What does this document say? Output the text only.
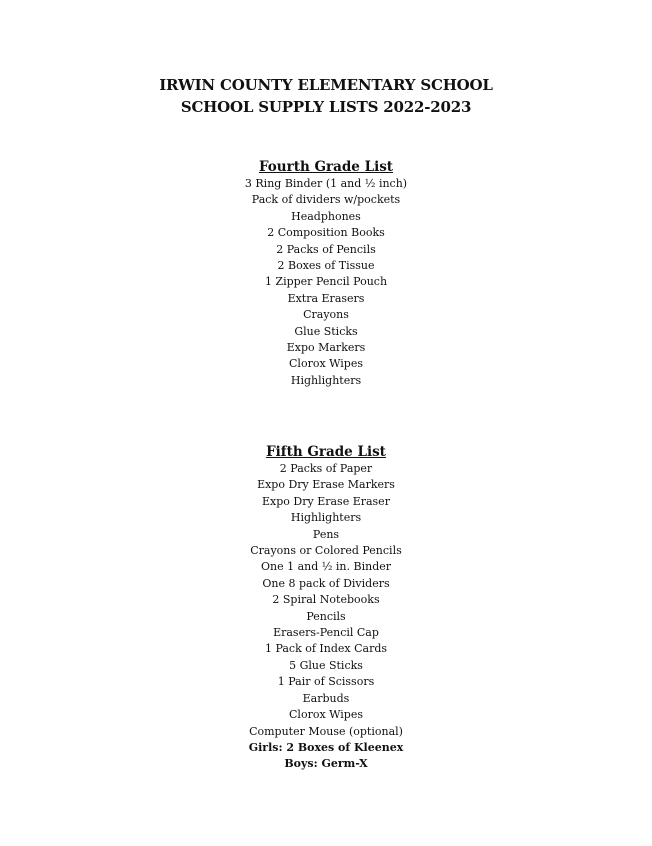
IRWIN COUNTY ELEMENTARY SCHOOL
SCHOOL SUPPLY LISTS 2022-2023
Fourth Grade List
3 Ring Binder (1 and ½ inch)
Pack of dividers w/pockets
Headphones
2 Composition Books
2 Packs of Pencils
2 Boxes of Tissue
1 Zipper Pencil Pouch
Extra Erasers
Crayons
Glue Sticks
Expo Markers
Clorox Wipes
Highlighters
Fifth Grade List
2 Packs of Paper
Expo Dry Erase Markers
Expo Dry Erase Eraser
Highlighters
Pens
Crayons or Colored Pencils
One 1 and ½ in. Binder
One 8 pack of Dividers
2 Spiral Notebooks
Pencils
Erasers-Pencil Cap
1 Pack of Index Cards
5 Glue Sticks
1 Pair of Scissors
Earbuds
Clorox Wipes
Computer Mouse (optional)
Girls: 2 Boxes of Kleenex
Boys: Germ-X
